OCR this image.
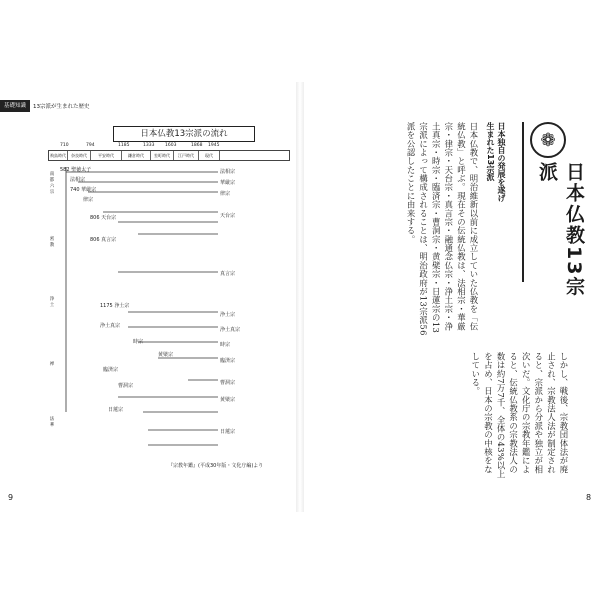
基礎知識	13宗派が生まれた歴史
日本仏教13宗派の流れ
710	794	1185	1333 1603	1868 1945
飛鳥時代	奈良時代	平安時代	鎌倉時代	室町時代	江戸時代	現代
582 聖徳太子
法相宗
740 華厳宗
律宗
806 天台宗
806 真言宗
1175 浄土宗
浄土真宗
時宗
黄檗宗
臨済宗
曹洞宗
日蓮宗
法相宗
華厳宗
律宗
天台宗
真言宗
浄土宗
浄土真宗
時宗
臨済宗
曹洞宗
黄檗宗
日蓮宗
南都六宗
密教
浄土
禅
法華
『宗教年鑑』(平成30年版・文化庁編)より
9
❁
日本仏教13宗派
日本独自の発展を遂げ生まれた13宗派
日本仏教で、明治維新以前に成立していた仏教を「伝統仏教」と呼ぶ。現在その伝統仏教は、法相宗・華厳宗・律宗・天台宗・真言宗・融通念仏宗・浄土宗・浄土真宗・時宗・臨済宗・曹洞宗・黄檗宗・日蓮宗の13宗派によって構成されることは、明治政府が13宗派56派を公認したことに由来する。
しかし、戦後、宗教団体法が廃止され、宗教法人法が制定されると、宗派から分派や独立が相次いだ。文化庁の宗教年鑑によると、伝統仏教系の宗教法人の数は約7万7千、全体の43%以上を占め、日本の宗教の中核をなしている。
8
